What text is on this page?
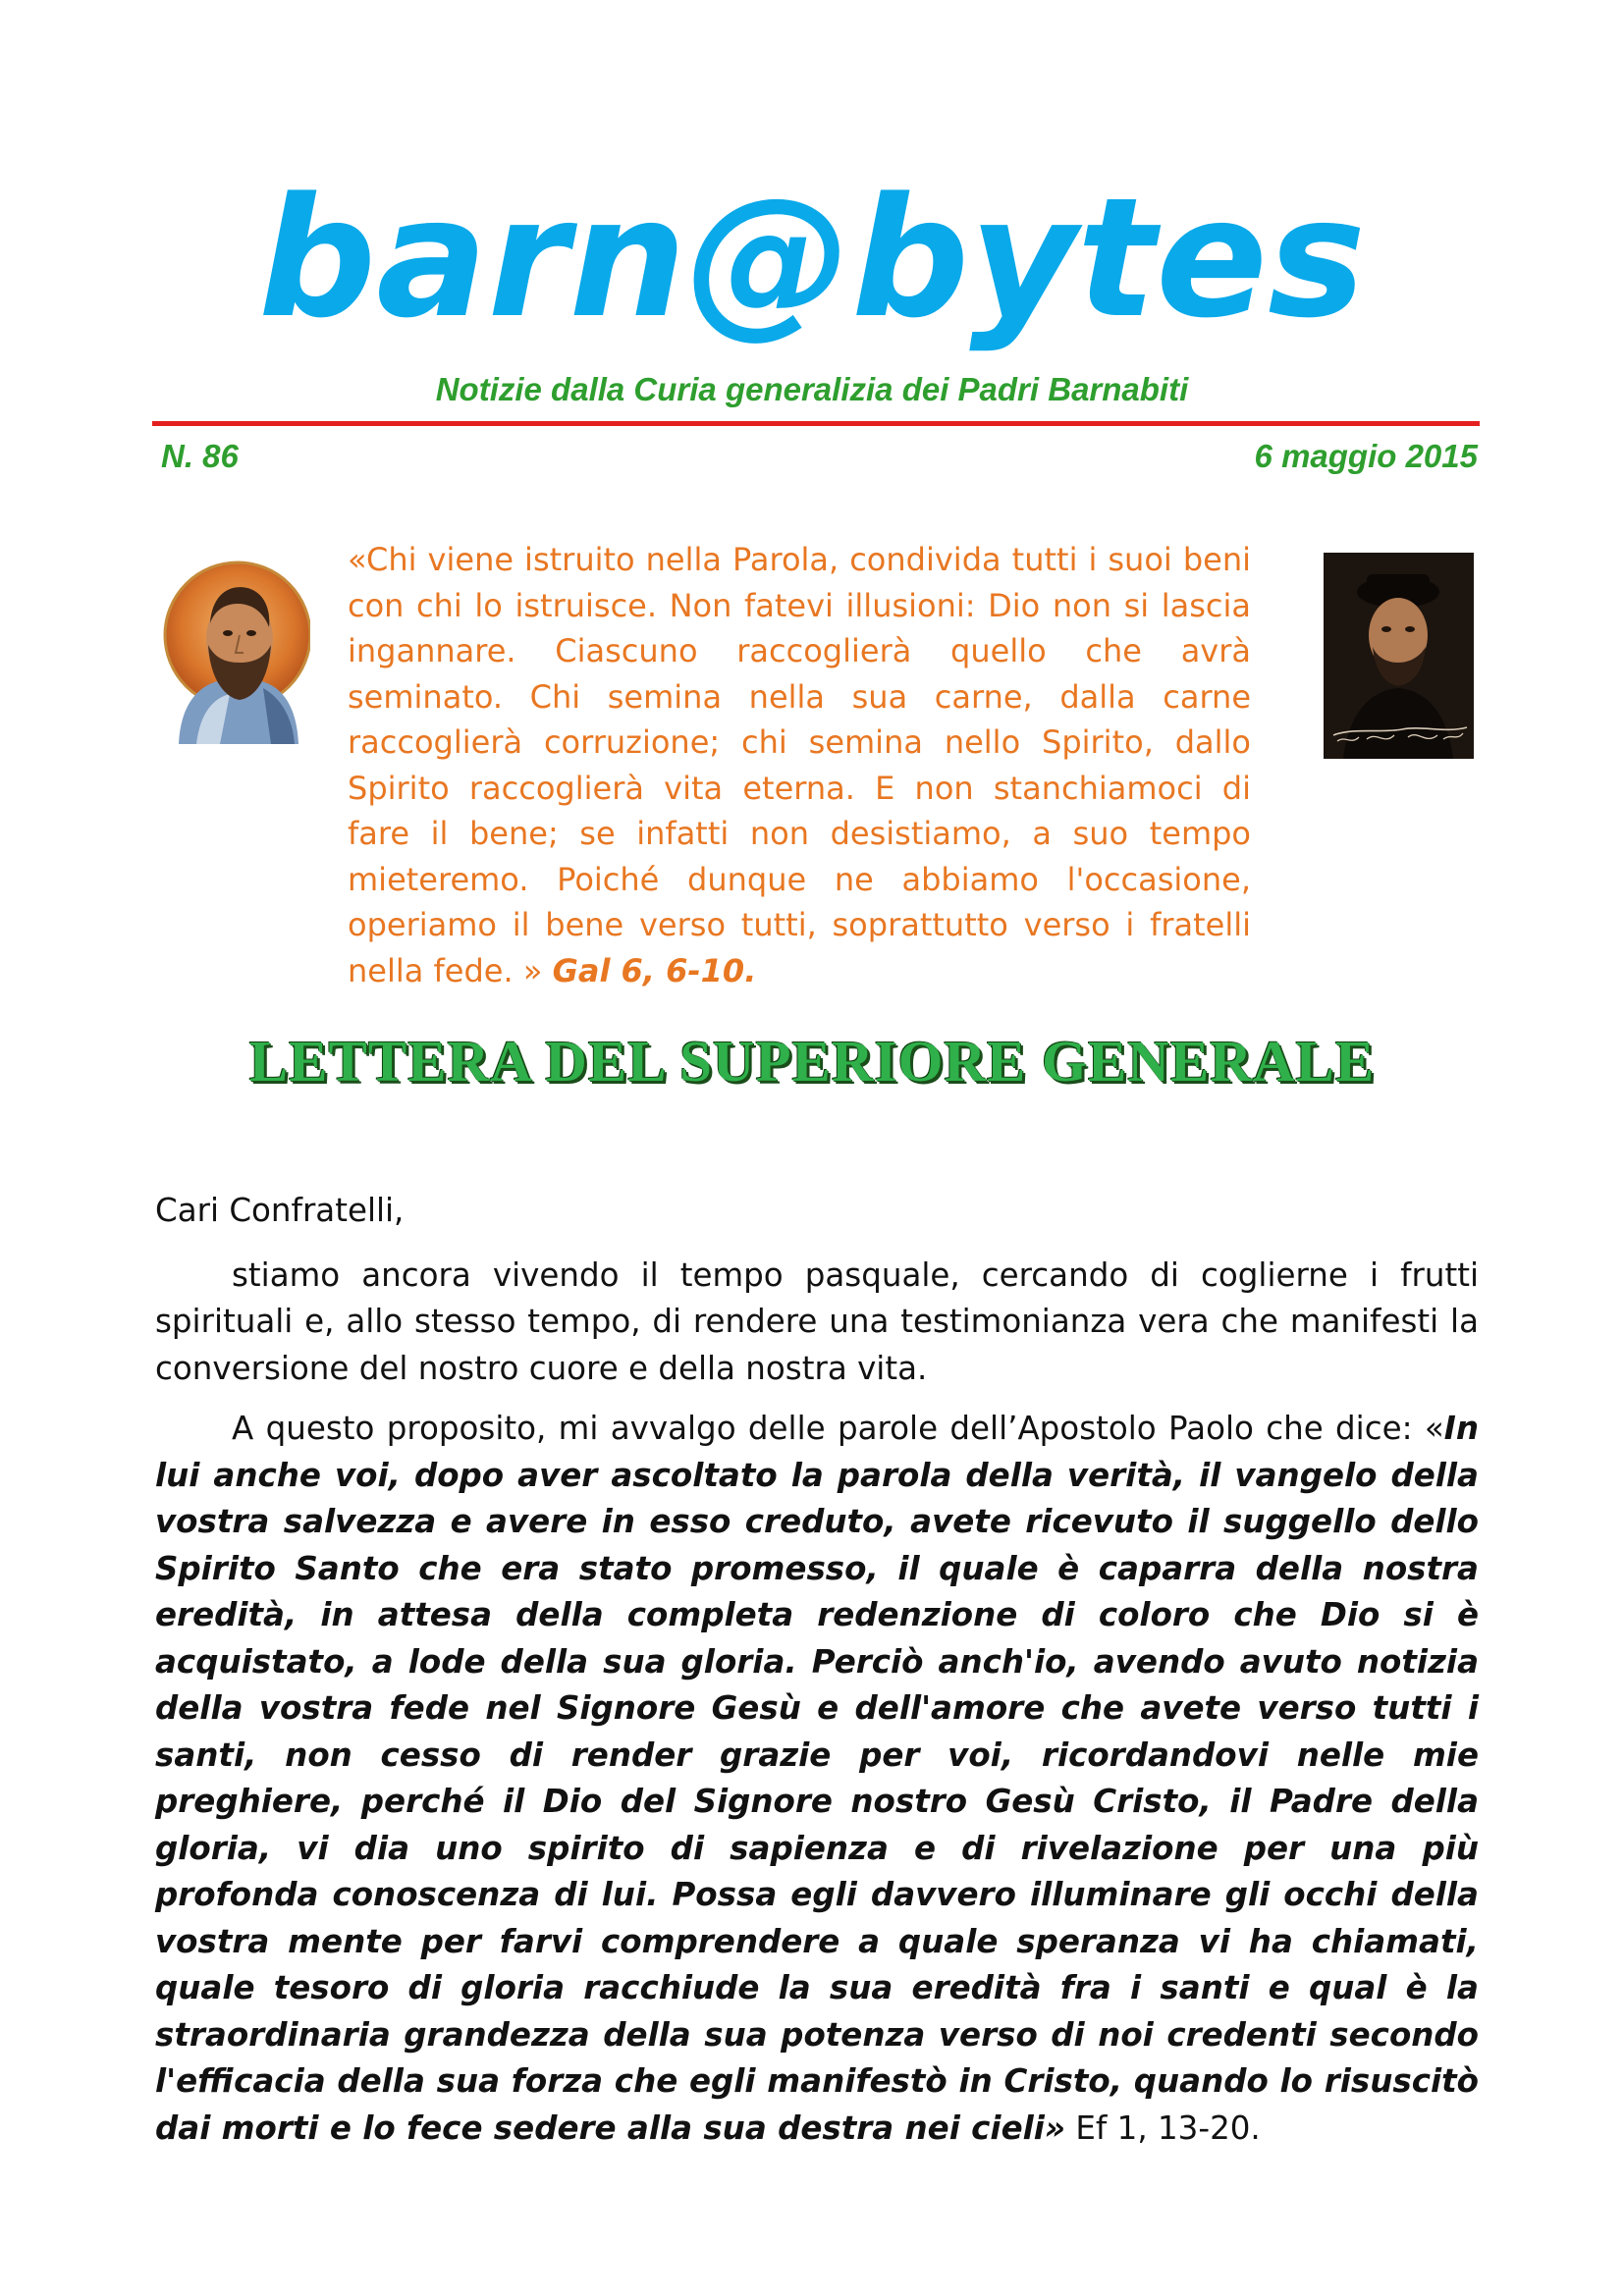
barn@bytes

Notizie dalla Curia generalizia dei Padri Barnabiti

N. 86	6 maggio 2015

«Chi viene istruito nella Parola, condivida tutti i suoi beni con chi lo istruisce. Non fatevi illusioni: Dio non si lascia ingannare. Ciascuno raccoglierà quello che avrà seminato. Chi semina nella sua carne, dalla carne raccoglierà corruzione; chi semina nello Spirito, dallo Spirito raccoglierà vita eterna. E non stanchiamoci di fare il bene; se infatti non desistiamo, a suo tempo mieteremo. Poiché dunque ne abbiamo l'occasione, operiamo il bene verso tutti, soprattutto verso i fratelli nella fede. » Gal 6, 6-10.

LETTERA DEL SUPERIORE GENERALE

Cari Confratelli,

stiamo ancora vivendo il tempo pasquale, cercando di coglierne i frutti spirituali e, allo stesso tempo, di rendere una testimonianza vera che manifesti la conversione del nostro cuore e della nostra vita.

A questo proposito, mi avvalgo delle parole dell’Apostolo Paolo che dice: «In lui anche voi, dopo aver ascoltato la parola della verità, il vangelo della vostra salvezza e avere in esso creduto, avete ricevuto il suggello dello Spirito Santo che era stato promesso, il quale è caparra della nostra eredità, in attesa della completa redenzione di coloro che Dio si è acquistato, a lode della sua gloria. Perciò anch'io, avendo avuto notizia della vostra fede nel Signore Gesù e dell'amore che avete verso tutti i santi, non cesso di render grazie per voi, ricordandovi nelle mie preghiere, perché il Dio del Signore nostro Gesù Cristo, il Padre della gloria, vi dia uno spirito di sapienza e di rivelazione per una più profonda conoscenza di lui. Possa egli davvero illuminare gli occhi della vostra mente per farvi comprendere a quale speranza vi ha chiamati, quale tesoro di gloria racchiude la sua eredità fra i santi e qual è la straordinaria grandezza della sua potenza verso di noi credenti secondo l'efficacia della sua forza che egli manifestò in Cristo, quando lo risuscitò dai morti e lo fece sedere alla sua destra nei cieli» Ef 1, 13-20.
